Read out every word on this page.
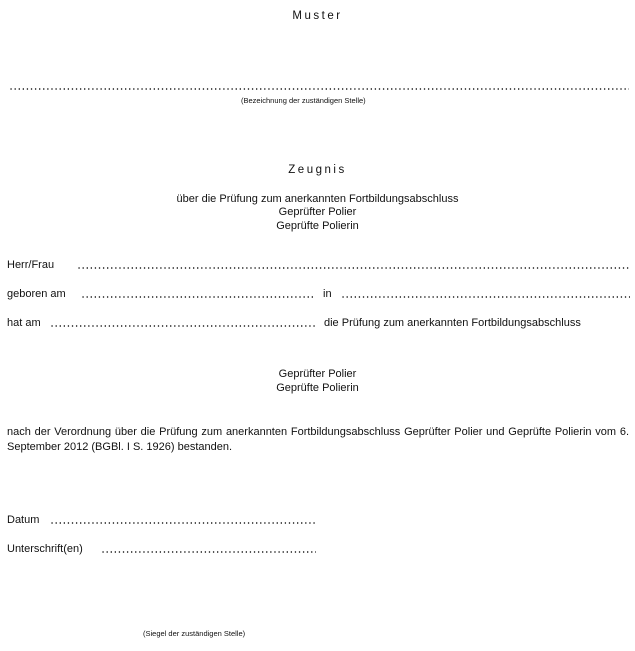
Muster
(Bezeichnung der zuständigen Stelle)
Zeugnis
über die Prüfung zum anerkannten Fortbildungsabschluss
Geprüfter Polier
Geprüfte Polierin
Herr/Frau
geboren am	in
hat am	die Prüfung zum anerkannten Fortbildungsabschluss
Geprüfter Polier
Geprüfte Polierin
nach der Verordnung über die Prüfung zum anerkannten Fortbildungsabschluss Geprüfter Polier und Geprüfte Polierin vom 6. September 2012 (BGBl. I S. 1926) bestanden.
Datum
Unterschrift(en)
(Siegel der zuständigen Stelle)
